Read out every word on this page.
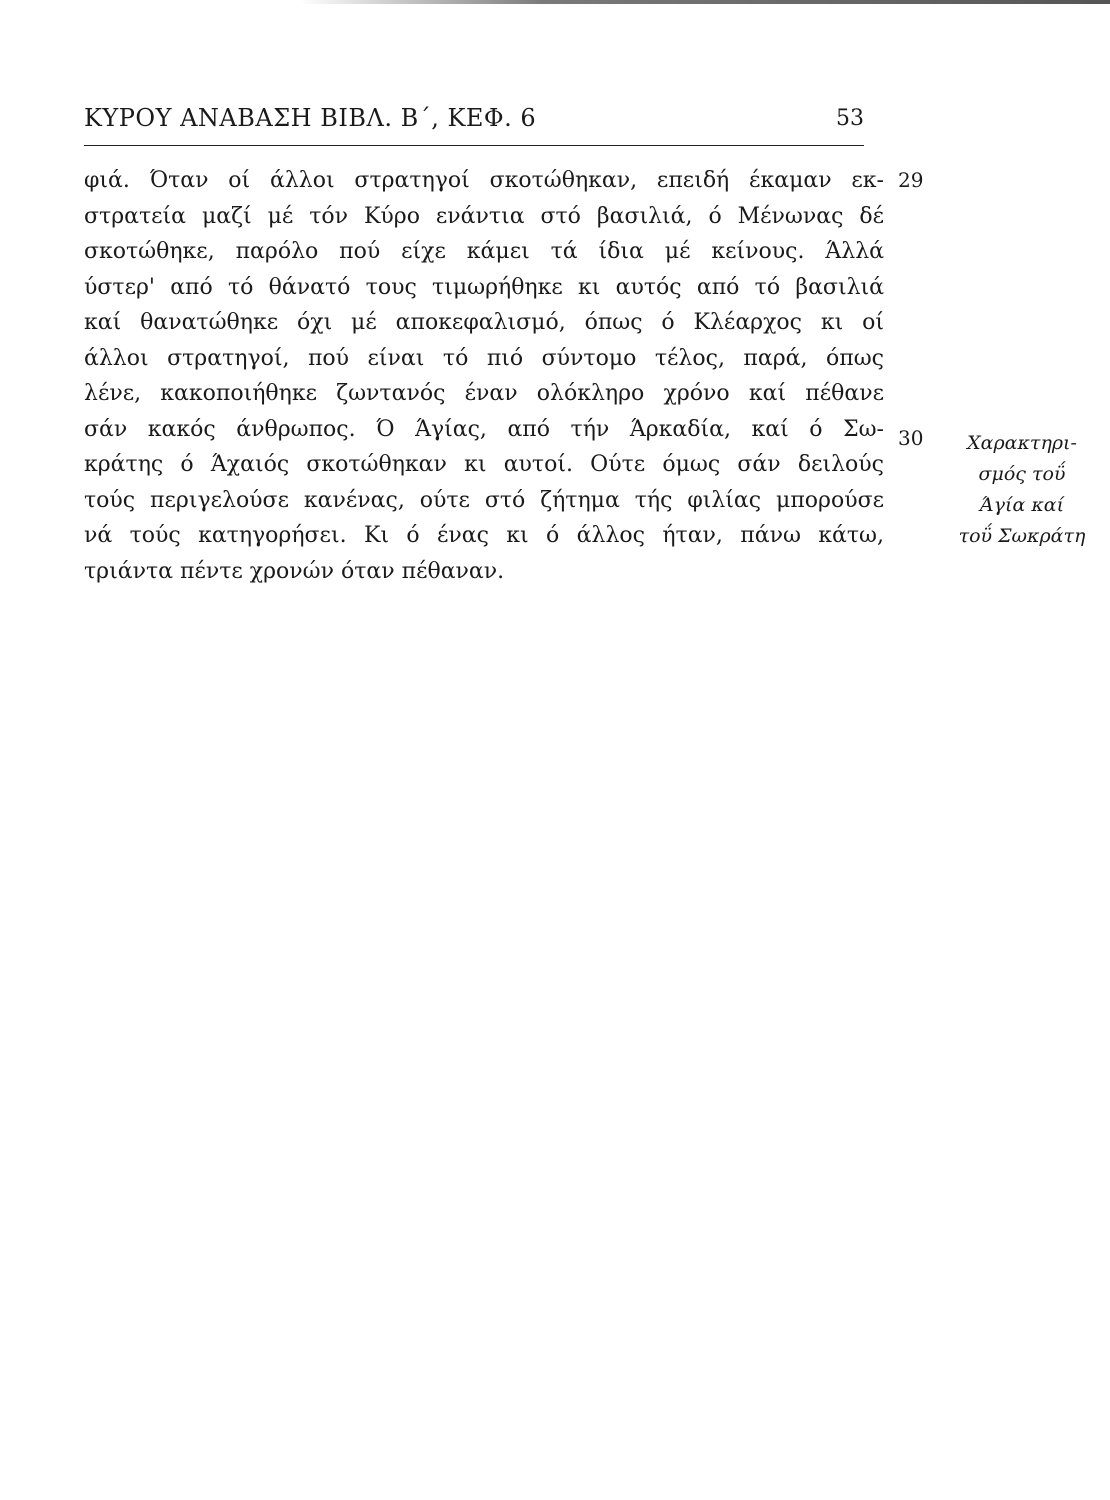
ΚΥΡΟΥ ΑΝΑΒΑΣΗ ΒΙΒΛ. Β΄, ΚΕΦ. 6	53
φιά. Όταν οί άλλοι στρατηγοί σκοτώθηκαν, επειδή έκαμαν εκ-
στρατεία μαζί μέ τόν Κύρο ενάντια στό βασιλιά, ό Μένωνας δέ
σκοτώθηκε, παρόλο πού είχε κάμει τά ίδια μέ κείνους. Άλλά
ύστερ' από τό θάνατό τους τιμωρήθηκε κι αυτός από τό βασιλιά
καί θανατώθηκε όχι μέ αποκεφαλισμό, όπως ό Κλέαρχος κι οί
άλλοι στρατηγοί, πού είναι τό πιό σύντομο τέλος, παρά, όπως
λένε, κακοποιήθηκε ζωντανός έναν ολόκληρο χρόνο καί πέθανε
σάν κακός άνθρωπος. Ό Άγίας, από τήν Άρκαδία, καί ό Σω-
κράτης ό Άχαιός σκοτώθηκαν κι αυτοί. Ούτε όμως σάν δειλούς
τούς περιγελούσε κανένας, ούτε στό ζήτημα τής φιλίας μπορούσε
νά τούς κατηγορήσει. Κι ό ένας κι ό άλλος ήταν, πάνω κάτω,
τριάντα πέντε χρονών όταν πέθαναν.
29
30	Χαρακτηρι-
σμός τοΰ
Άγία καί
τοΰ Σωκράτη
